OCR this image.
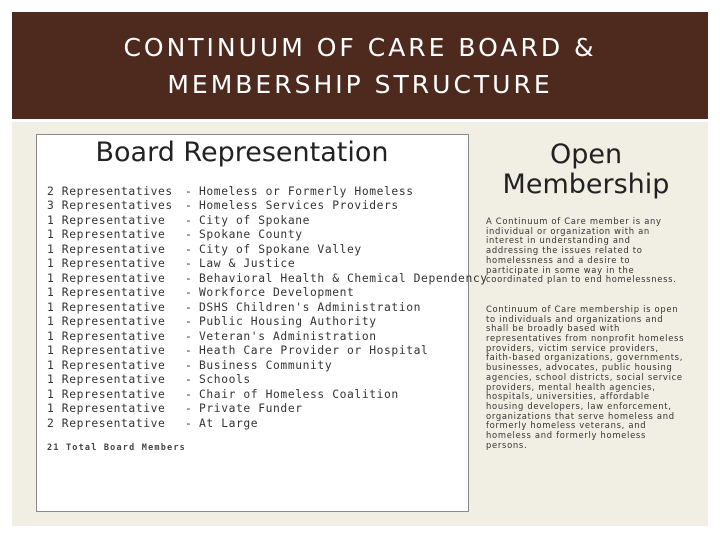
CONTINUUM OF CARE BOARD &
MEMBERSHIP STRUCTURE
Board Representation
2 Representatives	- Homeless or Formerly Homeless
3 Representatives	- Homeless Services Providers
1 Representative	- City of Spokane
1 Representative	- Spokane County
1 Representative	- City of Spokane Valley
1 Representative	- Law & Justice
1 Representative	- Behavioral Health & Chemical Dependency
1 Representative	- Workforce Development
1 Representative	- DSHS Children's Administration
1 Representative	- Public Housing Authority
1 Representative	- Veteran's Administration
1 Representative	- Heath Care Provider or Hospital
1 Representative	- Business Community
1 Representative	- Schools
1 Representative	- Chair of Homeless Coalition
1 Representative	- Private Funder
2 Representative	- At Large
21 Total Board Members
Open
Membership

A Continuum of Care member is any individual or organization with an interest in understanding and addressing the issues related to homelessness and a desire to participate in some way in the coordinated plan to end homelessness.

Continuum of Care membership is open to individuals and organizations and shall be broadly based with representatives from nonprofit homeless providers, victim service providers, faith-based organizations, governments, businesses, advocates, public housing agencies, school districts, social service providers, mental health agencies, hospitals, universities, affordable housing developers, law enforcement, organizations that serve homeless and formerly homeless veterans, and homeless and formerly homeless persons.
